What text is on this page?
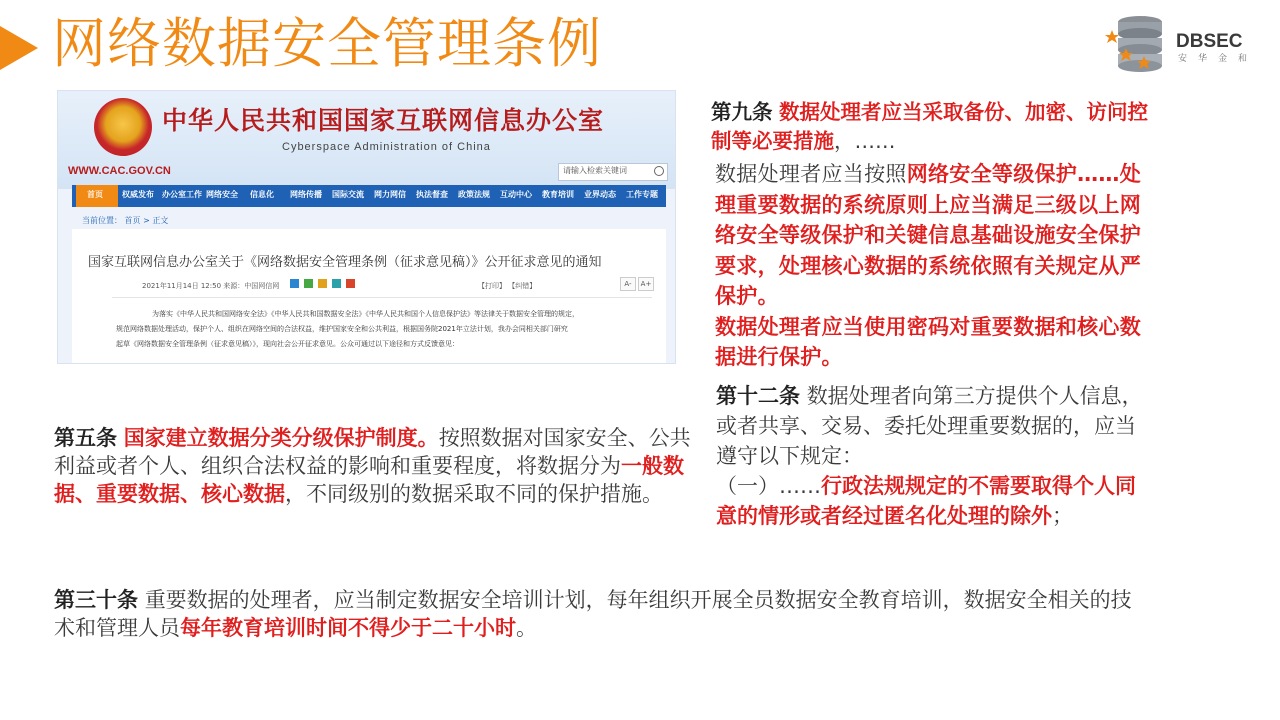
网络数据安全管理条例	DBSEC
安华金和
中华人民共和国国家互联网信息办公室
Cyberspace Administration of China
WWW.CAC.GOV.CN	请输入检索关键词
首页 权威发布 办公室工作 网络安全 信息化 网络传播 国际交流 网力网信 执法督查 政策法规 互动中心 教育培训 业界动态 工作专题
当前位置： 首页 > 正文
国家互联网信息办公室关于《网络数据安全管理条例（征求意见稿）》公开征求意见的通知
2021年11月14日 12:50 来源：中国网信网	【打印】 【纠错】	A-	A+
为落实《中华人民共和国网络安全法》《中华人民共和国数据安全法》《中华人民共和国个人信息保护法》等法律关于数据安全管理的规定，
规范网络数据处理活动，保护个人、组织在网络空间的合法权益，维护国家安全和公共利益，根据国务院2021年立法计划，我办会同相关部门研究
起草《网络数据安全管理条例（征求意见稿）》，现向社会公开征求意见。公众可通过以下途径和方式反馈意见：
第九条 数据处理者应当采取备份、加密、访问控制等必要措施，……
数据处理者应当按照网络安全等级保护……处理重要数据的系统原则上应当满足三级以上网络安全等级保护和关键信息基础设施安全保护要求，处理核心数据的系统依照有关规定从严保护。
数据处理者应当使用密码对重要数据和核心数据进行保护。
第十二条 数据处理者向第三方提供个人信息，或者共享、交易、委托处理重要数据的，应当遵守以下规定：
（一）……行政法规规定的不需要取得个人同意的情形或者经过匿名化处理的除外；
第五条 国家建立数据分类分级保护制度。按照数据对国家安全、公共利益或者个人、组织合法权益的影响和重要程度，将数据分为一般数据、重要数据、核心数据，不同级别的数据采取不同的保护措施。
第三十条 重要数据的处理者，应当制定数据安全培训计划，每年组织开展全员数据安全教育培训，数据安全相关的技术和管理人员每年教育培训时间不得少于二十小时。
